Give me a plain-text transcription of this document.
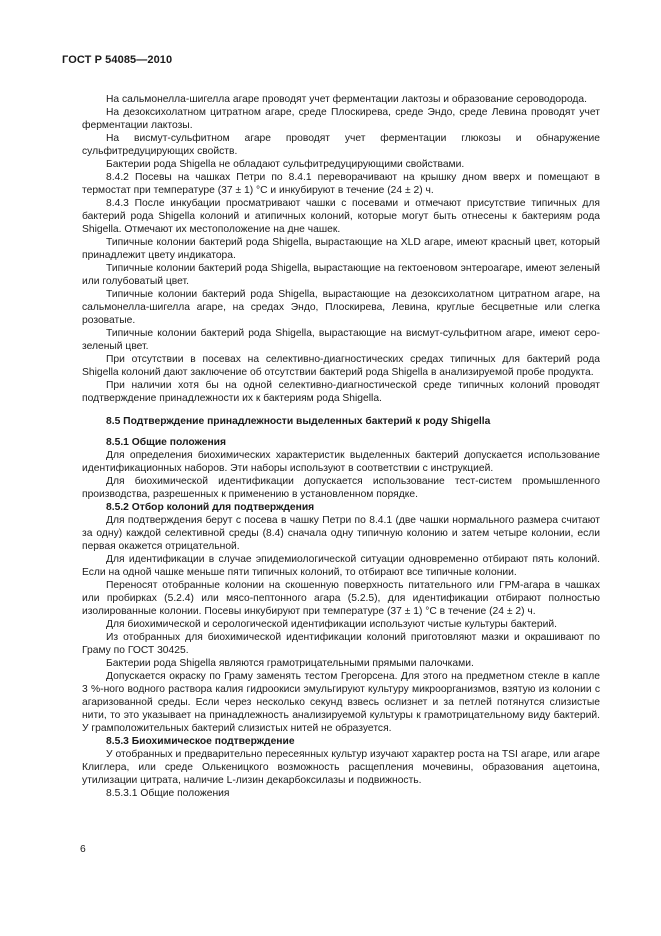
ГОСТ Р 54085—2010

На сальмонелла-шигелла агаре проводят учет ферментации лактозы и образование сероводорода.

На дезоксихолатном цитратном агаре, среде Плоскирева, среде Эндо, среде Левина проводят учет ферментации лактозы.

На висмут-сульфитном агаре проводят учет ферментации глюкозы и обнаружение сульфитредуцирующих свойств.

Бактерии рода Shigella не обладают сульфитредуцирующими свойствами.

8.4.2 Посевы на чашках Петри по 8.4.1 переворачивают на крышку дном вверх и помещают в термостат при температуре (37 ± 1) °С и инкубируют в течение (24 ± 2) ч.

8.4.3 После инкубации просматривают чашки с посевами и отмечают присутствие типичных для бактерий рода Shigella колоний и атипичных колоний, которые могут быть отнесены к бактериям рода Shigella. Отмечают их местоположение на дне чашек.

Типичные колонии бактерий рода Shigella, вырастающие на XLD агаре, имеют красный цвет, который принадлежит цвету индикатора.

Типичные колонии бактерий рода Shigella, вырастающие на гектоеновом энтероагаре, имеют зеленый или голубоватый цвет.

Типичные колонии бактерий рода Shigella, вырастающие на дезоксихолатном цитратном агаре, на сальмонелла-шигелла агаре, на средах Эндо, Плоскирева, Левина, круглые бесцветные или слегка розоватые.

Типичные колонии бактерий рода Shigella, вырастающие на висмут-сульфитном агаре, имеют серо-зеленый цвет.

При отсутствии в посевах на селективно-диагностических средах типичных для бактерий рода Shigella колоний дают заключение об отсутствии бактерий рода Shigella в анализируемой пробе продукта.

При наличии хотя бы на одной селективно-диагностической среде типичных колоний проводят подтверждение принадлежности их к бактериям рода Shigella.

8.5 Подтверждение принадлежности выделенных бактерий к роду Shigella

8.5.1 Общие положения

Для определения биохимических характеристик выделенных бактерий допускается использование идентификационных наборов. Эти наборы используют в соответствии с инструкцией.

Для биохимической идентификации допускается использование тест-систем промышленного производства, разрешенных к применению в установленном порядке.

8.5.2 Отбор колоний для подтверждения

Для подтверждения берут с посева в чашку Петри по 8.4.1 (две чашки нормального размера считают за одну) каждой селективной среды (8.4) сначала одну типичную колонию и затем четыре колонии, если первая окажется отрицательной.

Для идентификации в случае эпидемиологической ситуации одновременно отбирают пять колоний. Если на одной чашке меньше пяти типичных колоний, то отбирают все типичные колонии.

Переносят отобранные колонии на скошенную поверхность питательного или ГРМ-агара в чашках или пробирках (5.2.4) или мясо-пептонного агара (5.2.5), для идентификации отбирают полностью изолированные колонии. Посевы инкубируют при температуре (37 ± 1) °С в течение (24 ± 2) ч.

Для биохимической и серологической идентификации используют чистые культуры бактерий.

Из отобранных для биохимической идентификации колоний приготовляют мазки и окрашивают по Граму по ГОСТ 30425.

Бактерии рода Shigella являются грамотрицательными прямыми палочками.

Допускается окраску по Граму заменять тестом Грегорсена. Для этого на предметном стекле в капле 3 %-ного водного раствора калия гидроокиси эмульгируют культуру микроорганизмов, взятую из колонии с агаризованной среды. Если через несколько секунд взвесь ослизнет и за петлей потянутся слизистые нити, то это указывает на принадлежность анализируемой культуры к грамотрицательному виду бактерий. У грамположительных бактерий слизистых нитей не образуется.

8.5.3 Биохимическое подтверждение

У отобранных и предварительно пересеянных культур изучают характер роста на TSI агаре, или агаре Клиглера, или среде Олькеницкого возможность расщепления мочевины, образования ацетоина, утилизации цитрата, наличие L-лизин декарбоксилазы и подвижность.

8.5.3.1 Общие положения

6
